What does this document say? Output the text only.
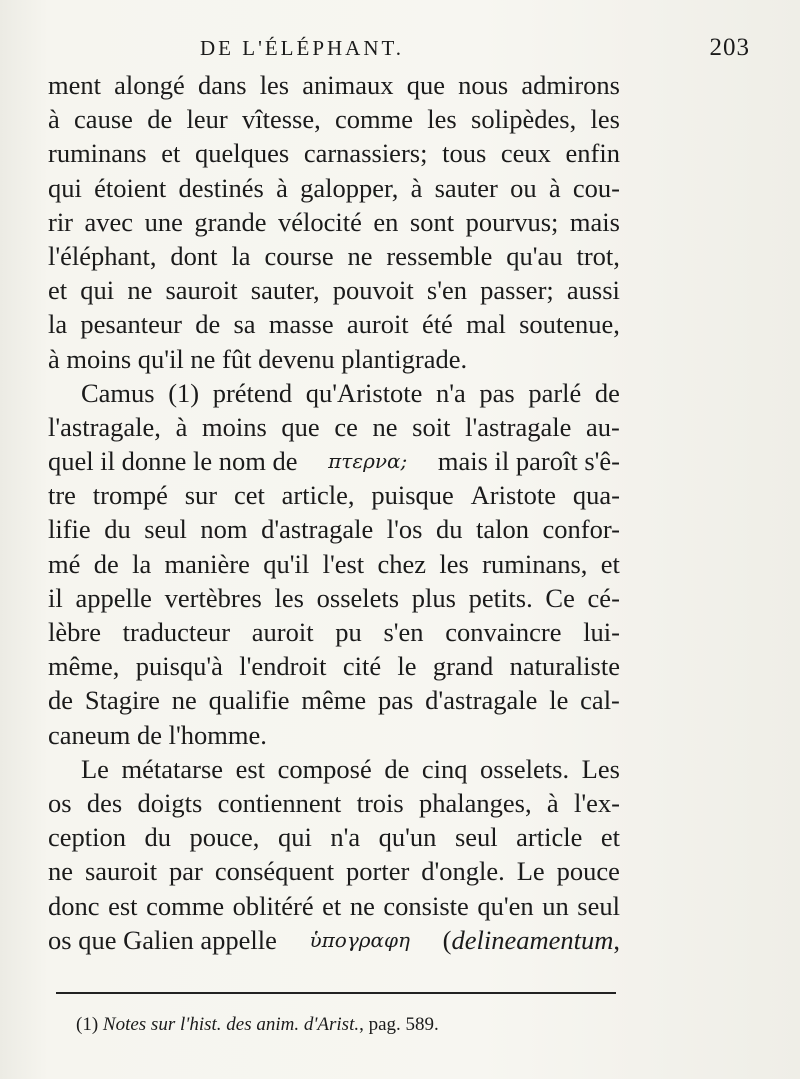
DE L'ÉLÉPHANT.	203
ment alongé dans les animaux que nous admirons
à cause de leur vîtesse, comme les solipèdes, les
ruminans et quelques carnassiers; tous ceux enfin
qui étoient destinés à galopper, à sauter ou à cou-
rir avec une grande vélocité en sont pourvus; mais
l'éléphant, dont la course ne ressemble qu'au trot,
et qui ne sauroit sauter, pouvoit s'en passer; aussi
la pesanteur de sa masse auroit été mal soutenue,
à moins qu'il ne fût devenu plantigrade.
Camus (1) prétend qu'Aristote n'a pas parlé de
l'astragale, à moins que ce ne soit l'astragale au-
quel il donne le nom de πτερνα; mais il paroît s'ê-
tre trompé sur cet article, puisque Aristote qua-
lifie du seul nom d'astragale l'os du talon confor-
mé de la manière qu'il l'est chez les ruminans, et
il appelle vertèbres les osselets plus petits. Ce cé-
lèbre traducteur auroit pu s'en convaincre lui-
même, puisqu'à l'endroit cité le grand naturaliste
de Stagire ne qualifie même pas d'astragale le cal-
caneum de l'homme.
Le métatarse est composé de cinq osselets. Les
os des doigts contiennent trois phalanges, à l'ex-
ception du pouce, qui n'a qu'un seul article et
ne sauroit par conséquent porter d'ongle. Le pouce
donc est comme oblitéré et ne consiste qu'en un seul
os que Galien appelle ὑπογραφη (delineamentum,
(1) Notes sur l'hist. des anim. d'Arist., pag. 589.
